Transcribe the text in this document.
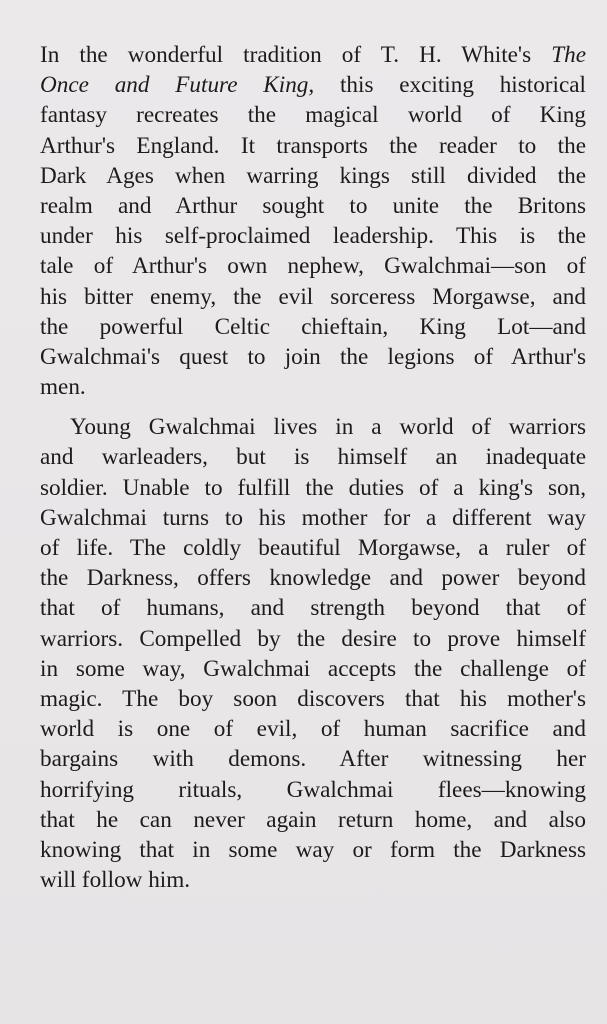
In the wonderful tradition of T. H. White's The
Once and Future King, this exciting historical
fantasy recreates the magical world of King
Arthur's England. It transports the reader to the
Dark Ages when warring kings still divided the
realm and Arthur sought to unite the Britons
under his self-proclaimed leadership. This is the
tale of Arthur's own nephew, Gwalchmai—son of
his bitter enemy, the evil sorceress Morgawse, and
the powerful Celtic chieftain, King Lot—and
Gwalchmai's quest to join the legions of Arthur's
men.
Young Gwalchmai lives in a world of warriors
and warleaders, but is himself an inadequate
soldier. Unable to fulfill the duties of a king's son,
Gwalchmai turns to his mother for a different way
of life. The coldly beautiful Morgawse, a ruler of
the Darkness, offers knowledge and power beyond
that of humans, and strength beyond that of
warriors. Compelled by the desire to prove himself
in some way, Gwalchmai accepts the challenge of
magic. The boy soon discovers that his mother's
world is one of evil, of human sacrifice and
bargains with demons. After witnessing her
horrifying rituals, Gwalchmai flees—knowing
that he can never again return home, and also
knowing that in some way or form the Darkness
will follow him.
